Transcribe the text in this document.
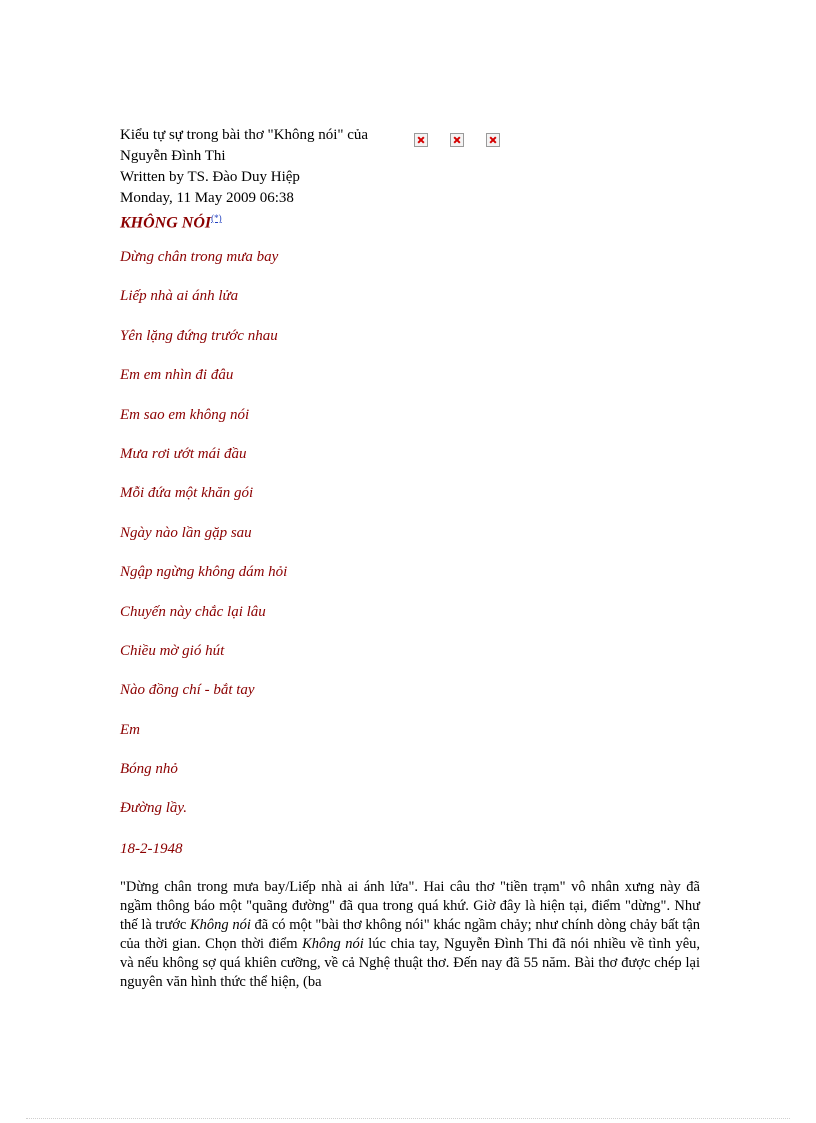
Kiểu tự sự trong bài thơ "Không nói" của
Nguyễn Đình Thi
Written by TS. Đào Duy Hiệp
Monday, 11 May 2009 06:38
KHÔNG NÓI(*)
Dừng chân trong mưa bay
Liếp nhà ai ánh lửa
Yên lặng đứng trước nhau
Em em nhìn đi đâu
Em sao em không nói
Mưa rơi ướt mái đầu
Mỗi đứa một khăn gói
Ngày nào lần gặp sau
Ngập ngừng không dám hỏi
Chuyến này chắc lại lâu
Chiều mờ gió hút
Nào đồng chí - bắt tay
Em
Bóng nhỏ
Đường lầy.
18-2-1948

"Dừng chân trong mưa bay/Liếp nhà ai ánh lửa". Hai câu thơ "tiền trạm" vô nhân xưng này đã ngầm thông báo một "quãng đường" đã qua trong quá khứ. Giờ đây là hiện tại, điểm "dừng". Như thế là trước Không nói đã có một "bài thơ không nói" khác ngầm chảy; như chính dòng chảy bất tận của thời gian. Chọn thời điểm Không nói lúc chia tay, Nguyễn Đình Thi đã nói nhiều về tình yêu, và nếu không sợ quá khiên cưỡng, về cả Nghệ thuật thơ. Đến nay đã 55 năm. Bài thơ được chép lại nguyên văn hình thức thể hiện, (ba
